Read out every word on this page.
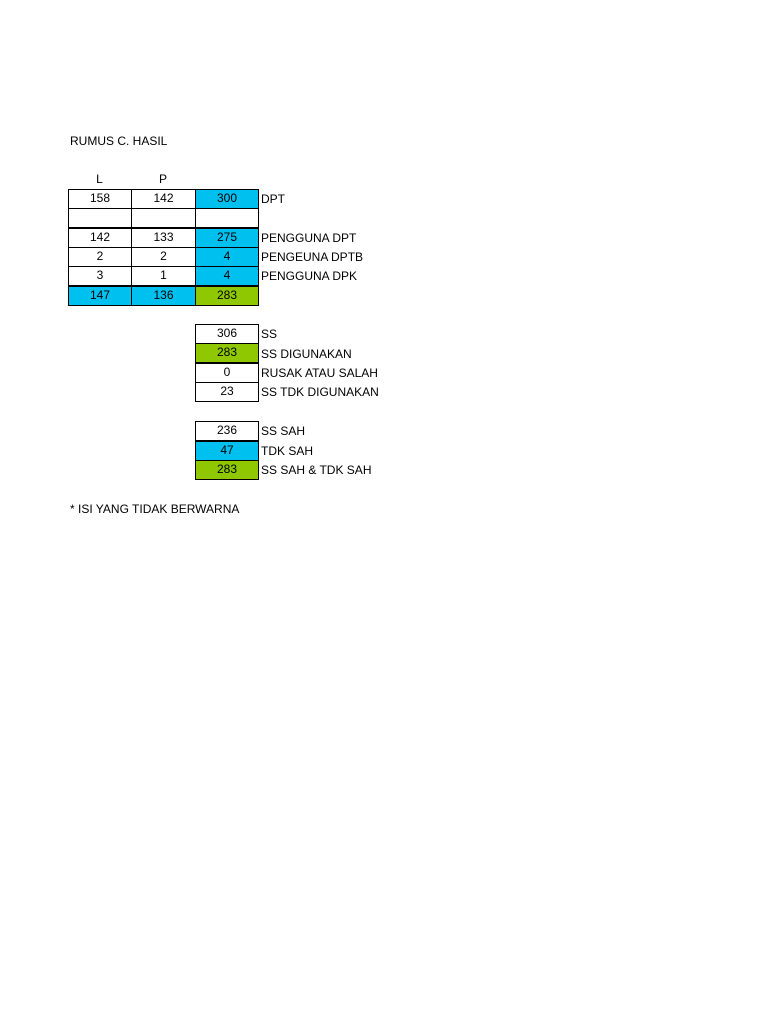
RUMUS C. HASIL
L	P
158	142	300	DPT
142	133	275	PENGGUNA DPT
2	2	4	PENGEUNA DPTB
3	1	4	PENGGUNA DPK
147	136	283
306	SS
283	SS DIGUNAKAN
0	RUSAK ATAU SALAH
23	SS TDK DIGUNAKAN
236	SS SAH
47	TDK SAH
283	SS SAH & TDK SAH
* ISI YANG TIDAK BERWARNA
